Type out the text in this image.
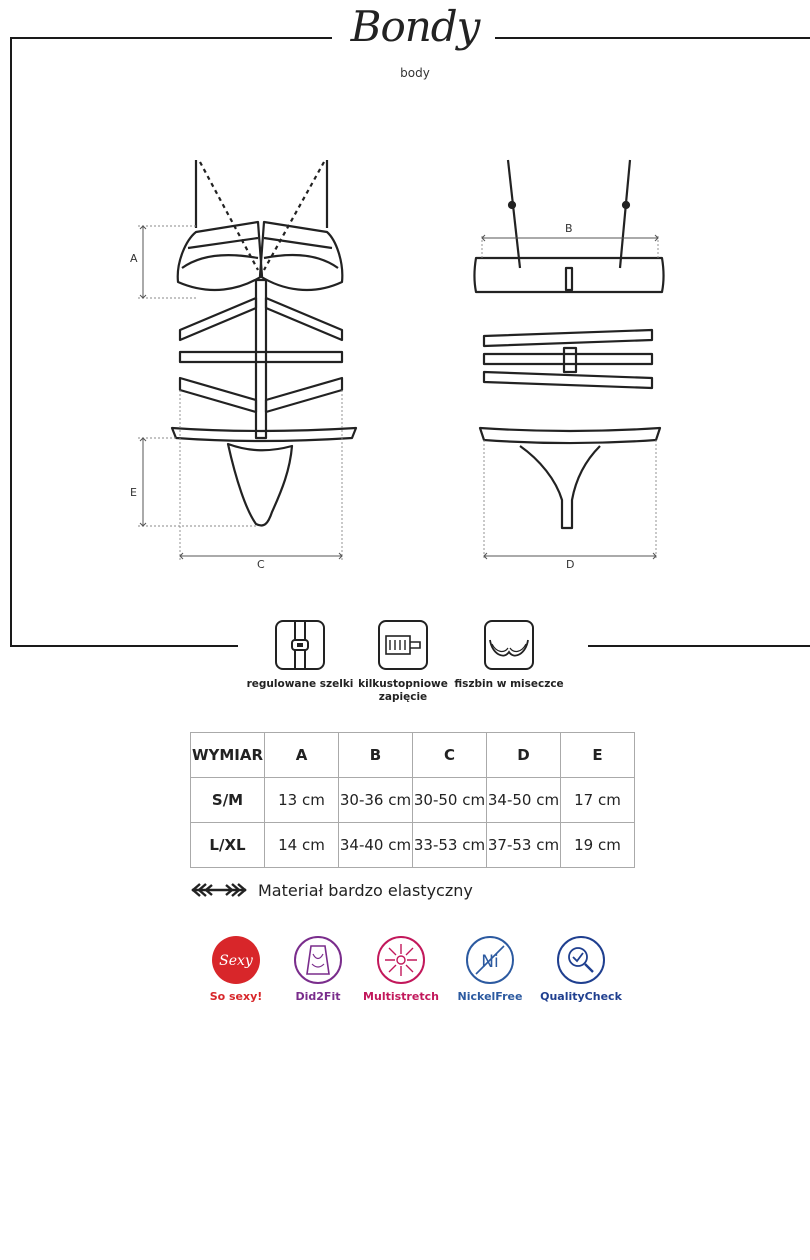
Bondy
body
A
E
C
B
D
regulowane szelki kilkustopniowe zapięcie
fiszbin w miseczce
WYMIAR	A	B	C	D	E
S/M	13 cm	30-36 cm	30-50 cm	34-50 cm	17 cm
L/XL	14 cm	34-40 cm	33-53 cm	37-53 cm	19 cm
Materiał bardzo elastyczny
Sexy
So sexy!	Did2Fit	Multistretch
Ni
NickelFree	QualityCheck
